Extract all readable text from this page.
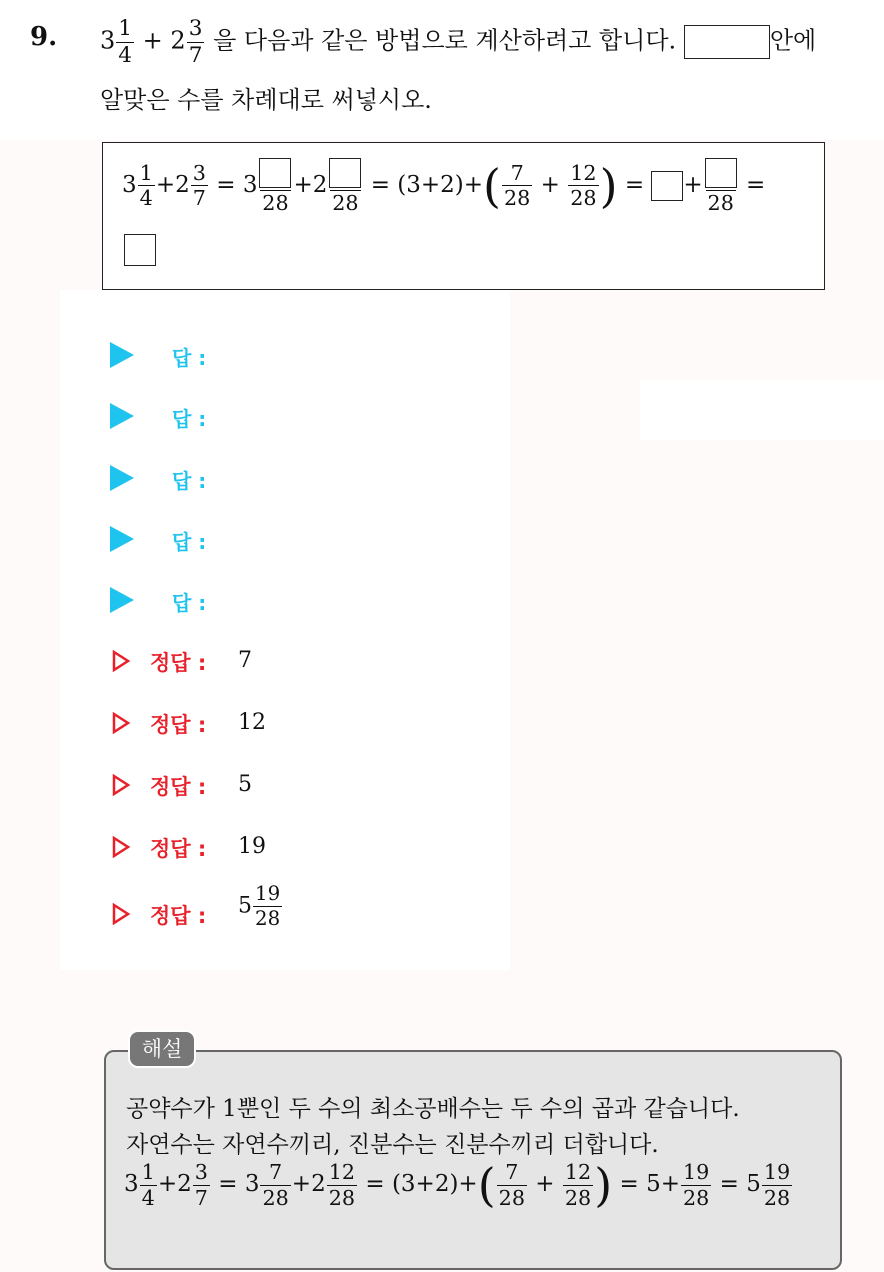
9. $3 \frac{1}{4} + 2 \frac{3}{7}$ 을 다음과 같은 방법으로 계산하려고 합니다.	안에
알맞은 수를 차례대로 써넣시오.
$3 \frac{1}{4} +2 \frac{3}{7} = 3$
28
+2
28
= $(3+2)+( \frac{7}{28} + \frac{12}{28}$ ) = +
28
=
답 :
답 :
답 :
답 :
답 :
정답 : 7
정답 : 12
정답 : 5
정답 : 19
정답 : $5 \frac{19}{28}$
해설
공약수가 1뿐인 두 수의 최소공배수는 두 수의 곱과 같습니다.
자연수는 자연수끼리, 진분수는 진분수끼리 더합니다.
$3 \frac{1}{4} +2 \frac{3}{7} = 3 \frac{7}{28} +2 \frac{12}{28} = (3+2)+( \frac{7}{28} + \frac{12}{28}$ ) = $5+ \frac{19}{28} = 5 \frac{19}{28}$
